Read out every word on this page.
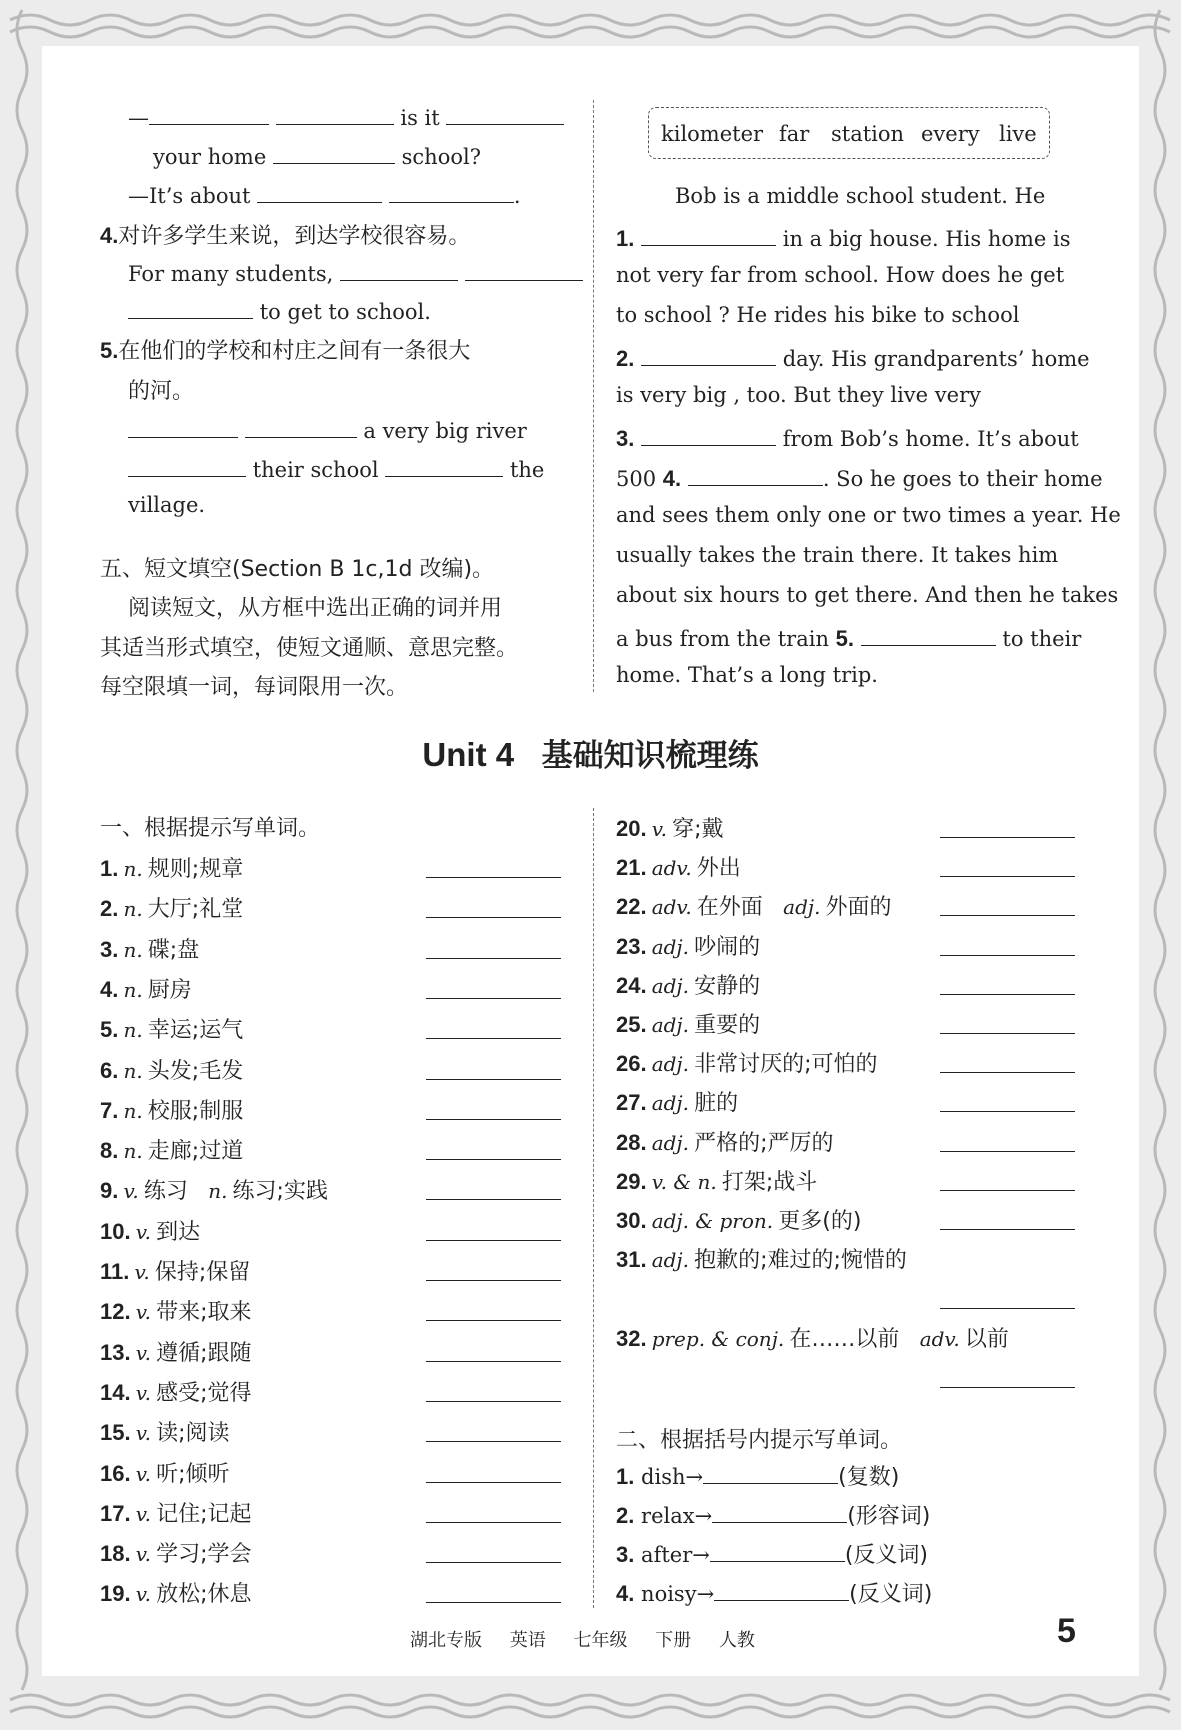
—	is it
your home	school?
—It’s about	.
4.对许多学生来说，到达学校很容易。
For many students,
to get to school.
5.在他们的学校和村庄之间有一条很大
的河。
a very big river
their school	the
village.
五、短文填空(Section B 1c,1d 改编)。
阅读短文，从方框中选出正确的词并用
其适当形式填空，使短文通顺、意思完整。
每空限填一词，每词限用一次。
kilometer far station every live
Bob is a middle school student. He
1.	in a big house. His home is
not very far from school. How does he get
to school ? He rides his bike to school
2.	day. His grandparents’ home
is very big , too. But they live very
3.	from Bob’s home. It’s about
500 4.	. So he goes to their home
and sees them only one or two times a year. He
usually takes the train there. It takes him
about six hours to get there. And then he takes
a bus from the train 5.	to their
home. That’s a long trip.
Unit 4 基础知识梳理练
一、根据提示写单词。
1. n. 规则;规章
2. n. 大厅;礼堂
3. n. 碟;盘
4. n. 厨房
5. n. 幸运;运气
6. n. 头发;毛发
7. n. 校服;制服
8. n. 走廊;过道
9. v. 练习 n. 练习;实践
10. v. 到达
11. v. 保持;保留
12. v. 带来;取来
13. v. 遵循;跟随
14. v. 感受;觉得
15. v. 读;阅读
16. v. 听;倾听
17. v. 记住;记起
18. v. 学习;学会
19. v. 放松;休息
20. v. 穿;戴
21. adv. 外出
22. adv. 在外面 adj. 外面的
23. adj. 吵闹的
24. adj. 安静的
25. adj. 重要的
26. adj. 非常讨厌的;可怕的
27. adj. 脏的
28. adj. 严格的;严厉的
29. v. & n. 打架;战斗
30. adj. & pron. 更多(的)
31. adj. 抱歉的;难过的;惋惜的
32. prep. & conj. 在……以前 adv. 以前
二、根据括号内提示写单词。
1. dish→	(复数)
2. relax→	(形容词)
3. after→	(反义词)
4. noisy→	(反义词)
湖北专版 英语 七年级 下册 人教	5
